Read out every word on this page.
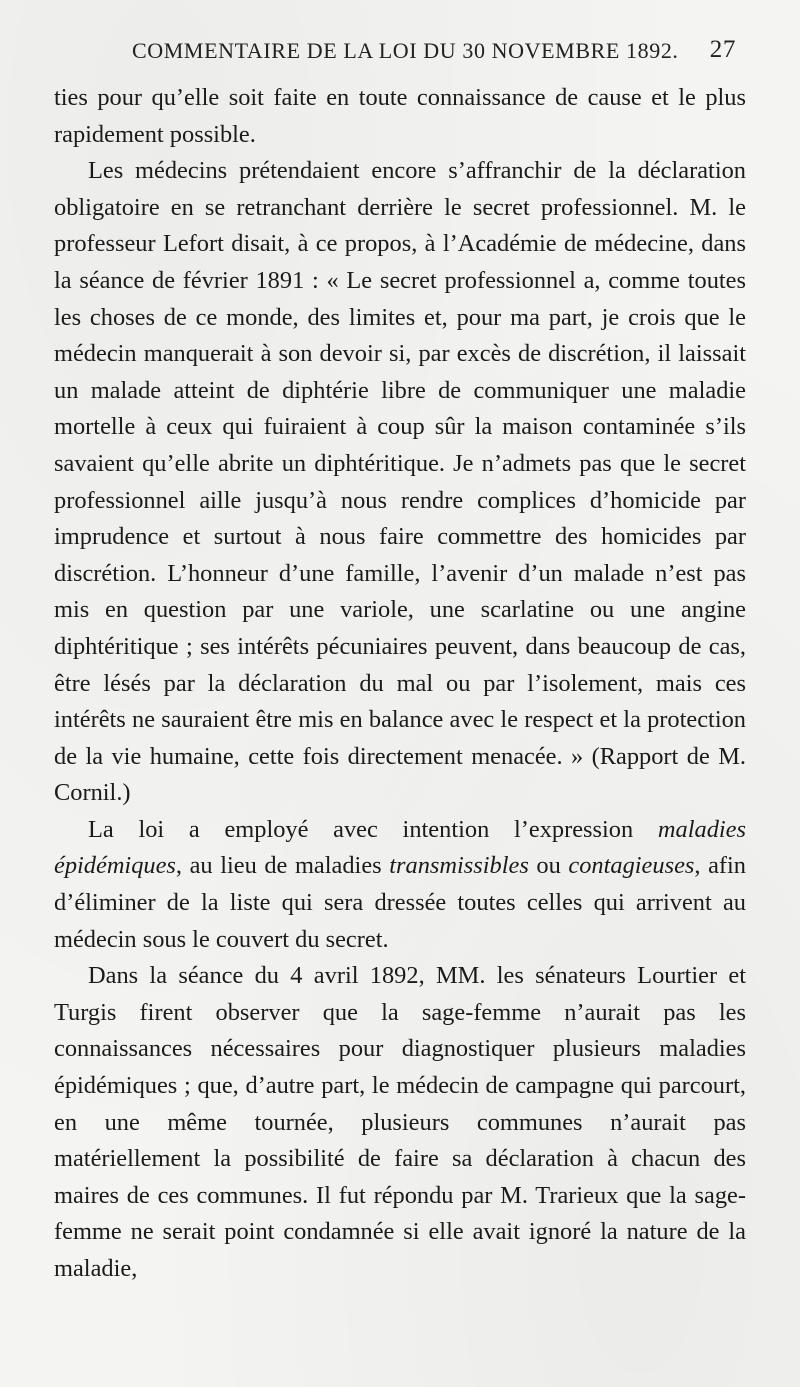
COMMENTAIRE DE LA LOI DU 30 NOVEMBRE 1892. 27

ties pour qu’elle soit faite en toute connaissance de cause et le plus rapidement possible.

Les médecins prétendaient encore s’affranchir de la déclaration obligatoire en se retranchant derrière le secret professionnel. M. le professeur Lefort disait, à ce propos, à l’Académie de médecine, dans la séance de février 1891 : « Le secret professionnel a, comme toutes les choses de ce monde, des limites et, pour ma part, je crois que le médecin manquerait à son devoir si, par excès de discrétion, il laissait un malade atteint de diphtérie libre de communiquer une maladie mortelle à ceux qui fuiraient à coup sûr la maison contaminée s’ils savaient qu’elle abrite un diphtéritique. Je n’admets pas que le secret professionnel aille jusqu’à nous rendre complices d’homicide par imprudence et surtout à nous faire commettre des homicides par discrétion. L’honneur d’une famille, l’avenir d’un malade n’est pas mis en question par une variole, une scarlatine ou une angine diphtéritique ; ses intérêts pécuniaires peuvent, dans beaucoup de cas, être lésés par la déclaration du mal ou par l’isolement, mais ces intérêts ne sauraient être mis en balance avec le respect et la protection de la vie humaine, cette fois directement menacée. » (Rapport de M. Cornil.)

La loi a employé avec intention l’expression maladies épidémiques, au lieu de maladies transmissibles ou contagieuses, afin d’éliminer de la liste qui sera dressée toutes celles qui arrivent au médecin sous le couvert du secret.

Dans la séance du 4 avril 1892, MM. les sénateurs Lourtier et Turgis firent observer que la sage-femme n’aurait pas les connaissances nécessaires pour diagnostiquer plusieurs maladies épidémiques ; que, d’autre part, le médecin de campagne qui parcourt, en une même tournée, plusieurs communes n’aurait pas matériellement la possibilité de faire sa déclaration à chacun des maires de ces communes. Il fut répondu par M. Trarieux que la sage-femme ne serait point condamnée si elle avait ignoré la nature de la maladie,
